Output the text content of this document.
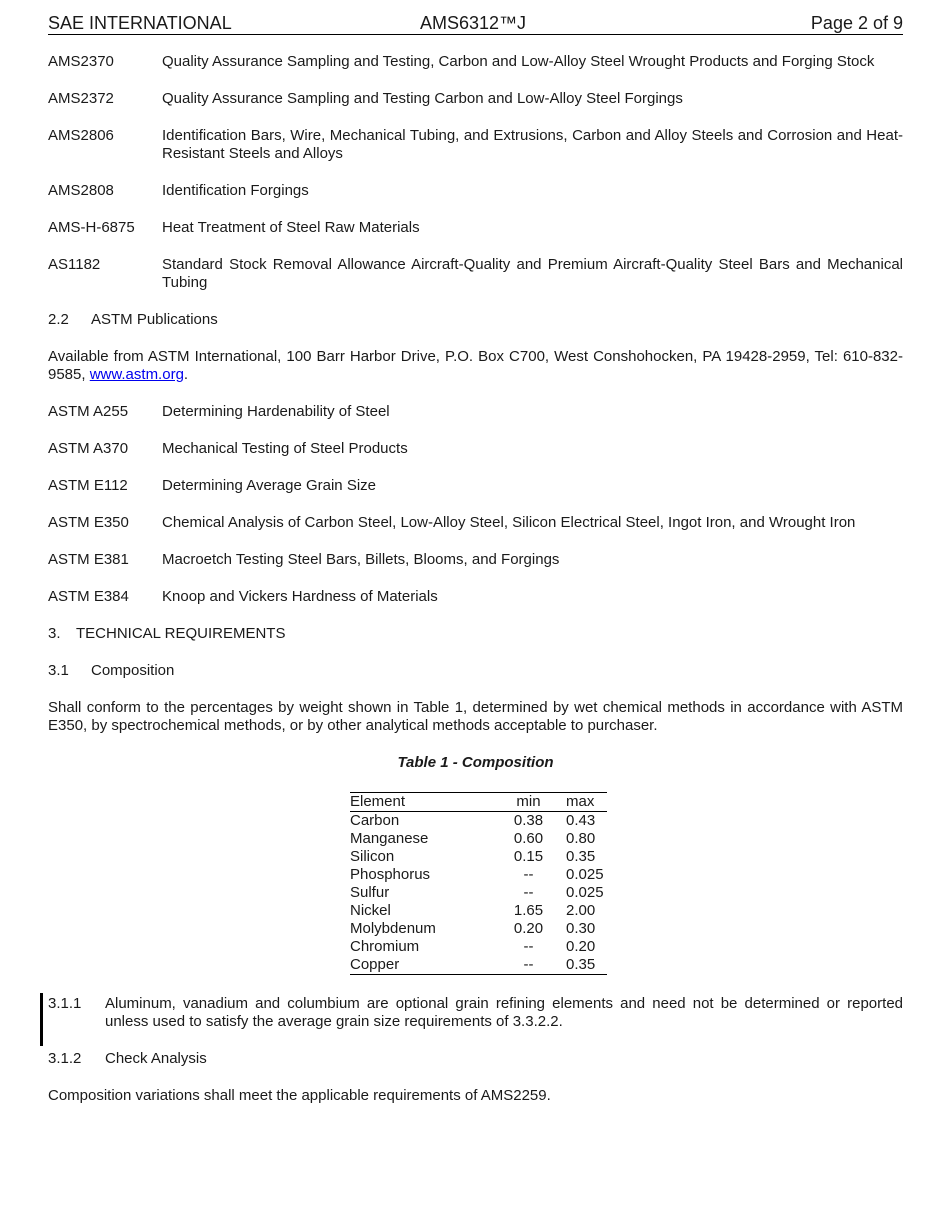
SAE INTERNATIONAL	AMS6312™J	Page 2 of 9
AMS2370	Quality Assurance Sampling and Testing, Carbon and Low-Alloy Steel Wrought Products and Forging Stock
AMS2372	Quality Assurance Sampling and Testing Carbon and Low-Alloy Steel Forgings
AMS2806	Identification Bars, Wire, Mechanical Tubing, and Extrusions, Carbon and Alloy Steels and Corrosion and Heat-Resistant Steels and Alloys
AMS2808	Identification Forgings
AMS-H-6875	Heat Treatment of Steel Raw Materials
AS1182	Standard Stock Removal Allowance Aircraft-Quality and Premium Aircraft-Quality Steel Bars and Mechanical Tubing
2.2	ASTM Publications
Available from ASTM International, 100 Barr Harbor Drive, P.O. Box C700, West Conshohocken, PA 19428-2959, Tel: 610-832-9585, www.astm.org.
ASTM A255	Determining Hardenability of Steel
ASTM A370	Mechanical Testing of Steel Products
ASTM E112	Determining Average Grain Size
ASTM E350	Chemical Analysis of Carbon Steel, Low-Alloy Steel, Silicon Electrical Steel, Ingot Iron, and Wrought Iron
ASTM E381	Macroetch Testing Steel Bars, Billets, Blooms, and Forgings
ASTM E384	Knoop and Vickers Hardness of Materials
3.	TECHNICAL REQUIREMENTS
3.1	Composition
Shall conform to the percentages by weight shown in Table 1, determined by wet chemical methods in accordance with ASTM E350, by spectrochemical methods, or by other analytical methods acceptable to purchaser.
Table 1 - Composition
Element	min	max
Carbon	0.38	0.43
Manganese	0.60	0.80
Silicon	0.15	0.35
Phosphorus	--	0.025
Sulfur	--	0.025
Nickel	1.65	2.00
Molybdenum	0.20	0.30
Chromium	--	0.20
Copper	--	0.35
3.1.1	Aluminum, vanadium and columbium are optional grain refining elements and need not be determined or reported unless used to satisfy the average grain size requirements of 3.3.2.2.
3.1.2	Check Analysis
Composition variations shall meet the applicable requirements of AMS2259.
